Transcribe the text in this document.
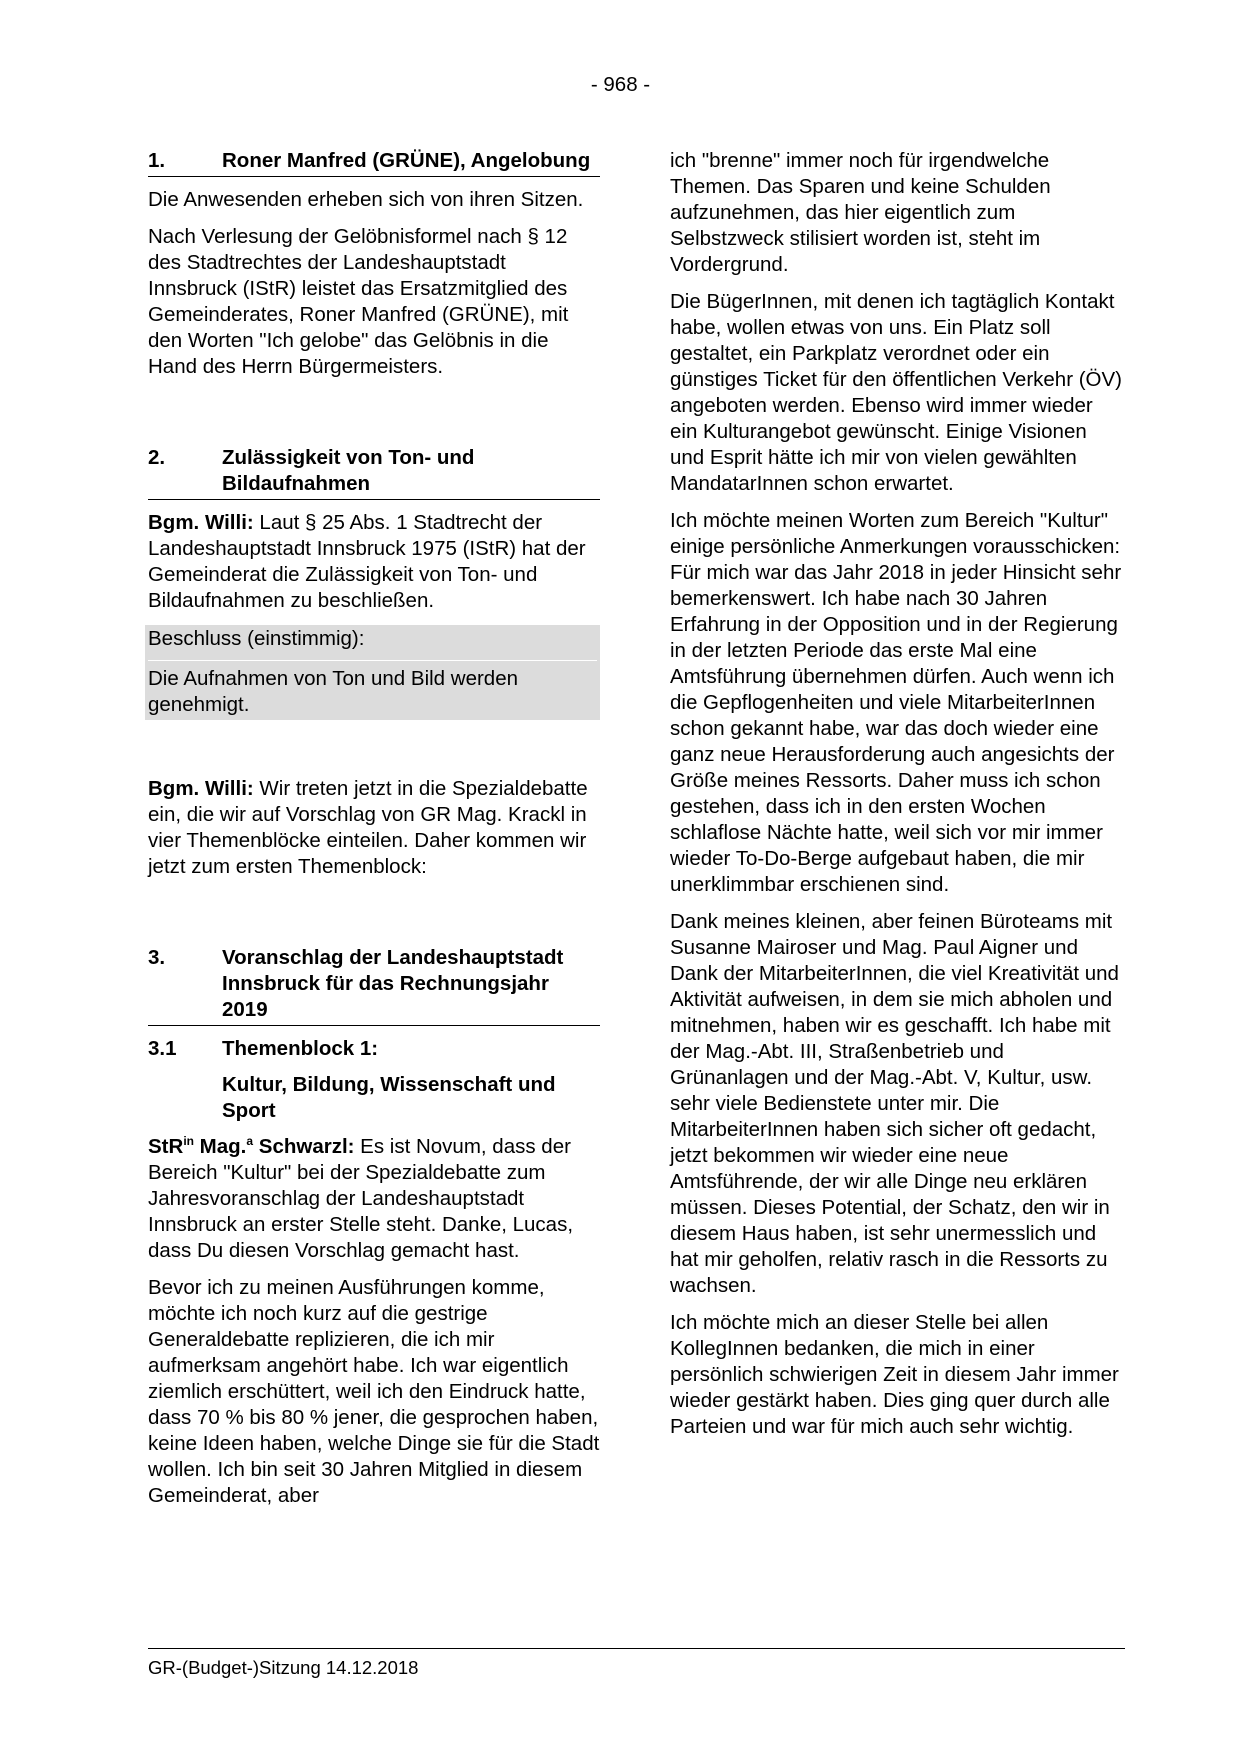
- 968 -
1.	Roner Manfred (GRÜNE), Angelobung

Die Anwesenden erheben sich von ihren Sitzen.

Nach Verlesung der Gelöbnisformel nach § 12 des Stadtrechtes der Landeshauptstadt Innsbruck (IStR) leistet das Ersatzmitglied des Gemeinderates, Roner Manfred (GRÜNE), mit den Worten "Ich gelobe" das Gelöbnis in die Hand des Herrn Bürgermeisters.

2.	Zulässigkeit von Ton- und Bildaufnahmen

Bgm. Willi: Laut § 25 Abs. 1 Stadtrecht der Landeshauptstadt Innsbruck 1975 (IStR) hat der Gemeinderat die Zulässigkeit von Ton- und Bildaufnahmen zu beschließen.

Beschluss (einstimmig):
Die Aufnahmen von Ton und Bild werden genehmigt.

Bgm. Willi: Wir treten jetzt in die Spezialdebatte ein, die wir auf Vorschlag von GR Mag. Krackl in vier Themenblöcke einteilen. Daher kommen wir jetzt zum ersten Themenblock:

3.	Voranschlag der Landeshauptstadt Innsbruck für das Rechnungsjahr 2019
3.1	Themenblock 1:
Kultur, Bildung, Wissenschaft und Sport

StR$^{in}$ Mag.$^a$ Schwarzl: Es ist Novum, dass der Bereich "Kultur" bei der Spezialdebatte zum Jahresvoranschlag der Landeshauptstadt Innsbruck an erster Stelle steht. Danke, Lucas, dass Du diesen Vorschlag gemacht hast.

Bevor ich zu meinen Ausführungen komme, möchte ich noch kurz auf die gestrige Generaldebatte replizieren, die ich mir aufmerksam angehört habe. Ich war eigentlich ziemlich erschüttert, weil ich den Eindruck hatte, dass 70 % bis 80 % jener, die gesprochen haben, keine Ideen haben, welche Dinge sie für die Stadt wollen. Ich bin seit 30 Jahren Mitglied in diesem Gemeinderat, aber

ich "brenne" immer noch für irgendwelche Themen. Das Sparen und keine Schulden aufzunehmen, das hier eigentlich zum Selbstzweck stilisiert worden ist, steht im Vordergrund.

Die BügerInnen, mit denen ich tagtäglich Kontakt habe, wollen etwas von uns. Ein Platz soll gestaltet, ein Parkplatz verordnet oder ein günstiges Ticket für den öffentlichen Verkehr (ÖV) angeboten werden. Ebenso wird immer wieder ein Kulturangebot gewünscht. Einige Visionen und Esprit hätte ich mir von vielen gewählten MandatarInnen schon erwartet.

Ich möchte meinen Worten zum Bereich "Kultur" einige persönliche Anmerkungen vorausschicken: Für mich war das Jahr 2018 in jeder Hinsicht sehr bemerkenswert. Ich habe nach 30 Jahren Erfahrung in der Opposition und in der Regierung in der letzten Periode das erste Mal eine Amtsführung übernehmen dürfen. Auch wenn ich die Gepflogenheiten und viele MitarbeiterInnen schon gekannt habe, war das doch wieder eine ganz neue Herausforderung auch angesichts der Größe meines Ressorts. Daher muss ich schon gestehen, dass ich in den ersten Wochen schlaflose Nächte hatte, weil sich vor mir immer wieder To-Do-Berge aufgebaut haben, die mir unerklimmbar erschienen sind.

Dank meines kleinen, aber feinen Büroteams mit Susanne Mairoser und Mag. Paul Aigner und Dank der MitarbeiterInnen, die viel Kreativität und Aktivität aufweisen, in dem sie mich abholen und mitnehmen, haben wir es geschafft. Ich habe mit der Mag.-Abt. III, Straßenbetrieb und Grünanlagen und der Mag.-Abt. V, Kultur, usw. sehr viele Bedienstete unter mir. Die MitarbeiterInnen haben sich sicher oft gedacht, jetzt bekommen wir wieder eine neue Amtsführende, der wir alle Dinge neu erklären müssen. Dieses Potential, der Schatz, den wir in diesem Haus haben, ist sehr unermesslich und hat mir geholfen, relativ rasch in die Ressorts zu wachsen.

Ich möchte mich an dieser Stelle bei allen KollegInnen bedanken, die mich in einer persönlich schwierigen Zeit in diesem Jahr immer wieder gestärkt haben. Dies ging quer durch alle Parteien und war für mich auch sehr wichtig.

GR-(Budget-)Sitzung 14.12.2018
